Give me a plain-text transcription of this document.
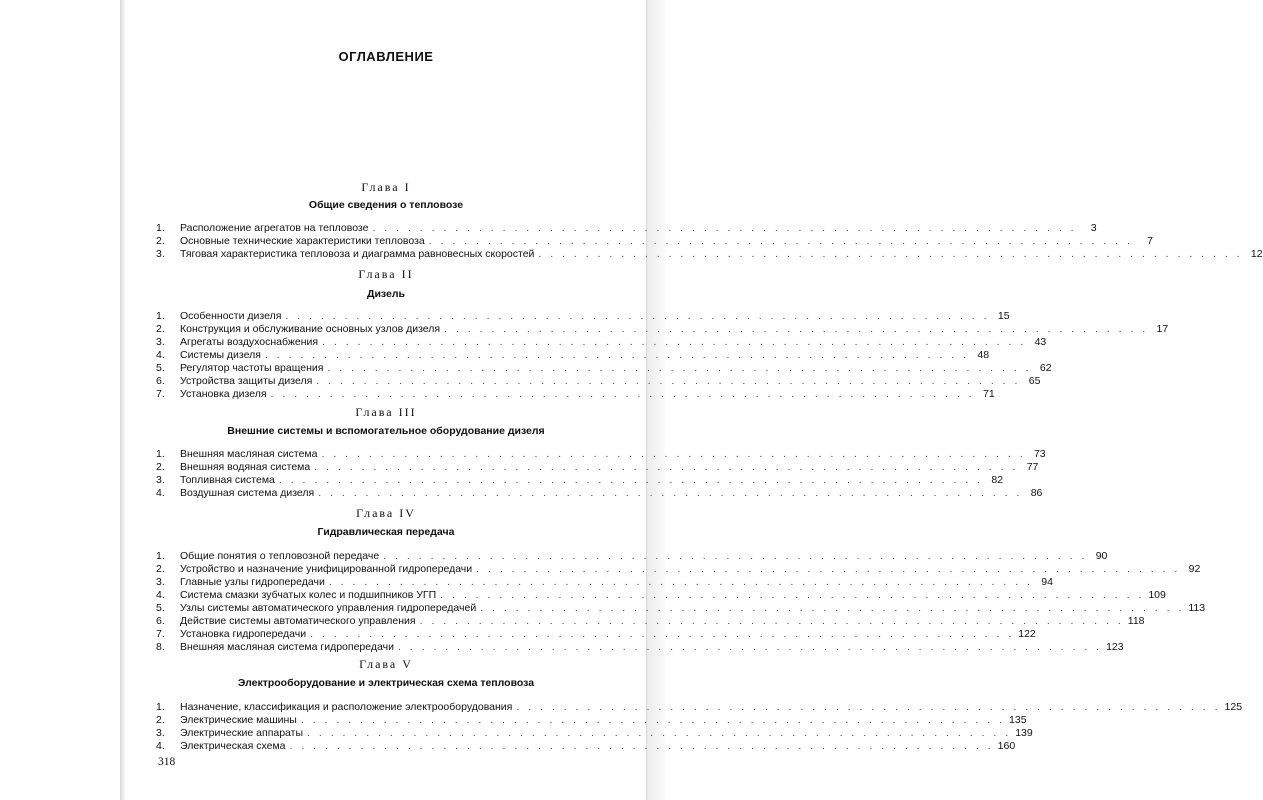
ОГЛАВЛЕНИЕ
Глава I
Общие сведения о тепловозе
1.	Расположение агрегатов на тепловозе . . . . . . . . . . . . . . . . . . . . . . . . . . . . . . . . . . . . . . . . . . . . . . . . . . . . . . . . . . . .	3
2.	Основные технические характеристики тепловоза . . . . . . . . . . . . . . . . . . . . . . . . . . . . . . . . . . . . . . . . . . . . . . . . . . . . . . . . . . . .	7
3.	Тяговая характеристика тепловоза и диаграмма равновесных скоростей . . . . . . . . . . . . . . . . . . . . . . . . . . . . . . . . . . . . . . . . . . . . . . . . . . . . . . . . . . . . 12
Глава II
Дизель
1.	Особенности дизеля . . . . . . . . . . . . . . . . . . . . . . . . . . . . . . . . . . . . . . . . . . . . . . . . . . . . . . . . . . . . 15
2.	Конструкция и обслуживание основных узлов дизеля . . . . . . . . . . . . . . . . . . . . . . . . . . . . . . . . . . . . . . . . . . . . . . . . . . . . . . . . . . . . 17
3.	Агрегаты воздухоснабжения . . . . . . . . . . . . . . . . . . . . . . . . . . . . . . . . . . . . . . . . . . . . . . . . . . . . . . . . . . . . 43
4.	Системы дизеля . . . . . . . . . . . . . . . . . . . . . . . . . . . . . . . . . . . . . . . . . . . . . . . . . . . . . . . . . . . . 48
5.	Регулятор частоты вращения . . . . . . . . . . . . . . . . . . . . . . . . . . . . . . . . . . . . . . . . . . . . . . . . . . . . . . . . . . . . 62
6.	Устройства защиты дизеля . . . . . . . . . . . . . . . . . . . . . . . . . . . . . . . . . . . . . . . . . . . . . . . . . . . . . . . . . . . . 65
7.	Установка дизеля . . . . . . . . . . . . . . . . . . . . . . . . . . . . . . . . . . . . . . . . . . . . . . . . . . . . . . . . . . . . 71
Глава III
Внешние системы и вспомогательное оборудование дизеля
1.	Внешняя масляная система . . . . . . . . . . . . . . . . . . . . . . . . . . . . . . . . . . . . . . . . . . . . . . . . . . . . . . . . . . . . 73
2.	Внешняя водяная система . . . . . . . . . . . . . . . . . . . . . . . . . . . . . . . . . . . . . . . . . . . . . . . . . . . . . . . . . . . . 77
3.	Топливная система . . . . . . . . . . . . . . . . . . . . . . . . . . . . . . . . . . . . . . . . . . . . . . . . . . . . . . . . . . . . 82
4.	Воздушная система дизеля . . . . . . . . . . . . . . . . . . . . . . . . . . . . . . . . . . . . . . . . . . . . . . . . . . . . . . . . . . . . 86
Глава IV
Гидравлическая передача
1.	Общие понятия о тепловозной передаче . . . . . . . . . . . . . . . . . . . . . . . . . . . . . . . . . . . . . . . . . . . . . . . . . . . . . . . . . . . . 90
2.	Устройство и назначение унифицированной гидропередачи . . . . . . . . . . . . . . . . . . . . . . . . . . . . . . . . . . . . . . . . . . . . . . . . . . . . . . . . . . . . 92
3.	Главные узлы гидропередачи . . . . . . . . . . . . . . . . . . . . . . . . . . . . . . . . . . . . . . . . . . . . . . . . . . . . . . . . . . . . 94
4.	Система смазки зубчатых колес и подшипников УГП . . . . . . . . . . . . . . . . . . . . . . . . . . . . . . . . . . . . . . . . . . . . . . . . . . . . . . . . . . . . 109
5.	Узлы системы автоматического управления гидропередачей . . . . . . . . . . . . . . . . . . . . . . . . . . . . . . . . . . . . . . . . . . . . . . . . . . . . . . . . . . . . 113
6.	Действие системы автоматического управления . . . . . . . . . . . . . . . . . . . . . . . . . . . . . . . . . . . . . . . . . . . . . . . . . . . . . . . . . . . . 118
7.	Установка гидропередачи . . . . . . . . . . . . . . . . . . . . . . . . . . . . . . . . . . . . . . . . . . . . . . . . . . . . . . . . . . . . 122
8.	Внешняя масляная система гидропередачи . . . . . . . . . . . . . . . . . . . . . . . . . . . . . . . . . . . . . . . . . . . . . . . . . . . . . . . . . . . . 123
Глава V
Электрооборудование и электрическая схема тепловоза
1.	Назначение, классификация и расположение электрооборудования . . . . . . . . . . . . . . . . . . . . . . . . . . . . . . . . . . . . . . . . . . . . . . . . . . . . . . . . . . . . 125
2.	Электрические машины . . . . . . . . . . . . . . . . . . . . . . . . . . . . . . . . . . . . . . . . . . . . . . . . . . . . . . . . . . . . 135
3.	Электрические аппараты . . . . . . . . . . . . . . . . . . . . . . . . . . . . . . . . . . . . . . . . . . . . . . . . . . . . . . . . . . . . 139
4.	Электрическая схема . . . . . . . . . . . . . . . . . . . . . . . . . . . . . . . . . . . . . . . . . . . . . . . . . . . . . . . . . . . . 160
318
